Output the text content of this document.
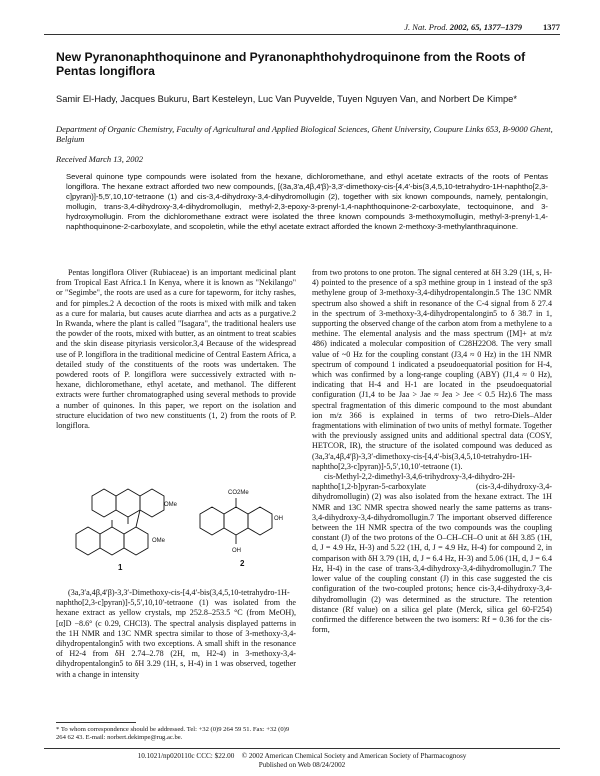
J. Nat. Prod. 2002, 65, 1377–1379 1377
New Pyranonaphthoquinone and Pyranonaphthohydroquinone from the Roots of Pentas longiflora
Samir El-Hady, Jacques Bukuru, Bart Kesteleyn, Luc Van Puyvelde, Tuyen Nguyen Van, and Norbert De Kimpe*
Department of Organic Chemistry, Faculty of Agricultural and Applied Biological Sciences, Ghent University, Coupure Links 653, B-9000 Ghent, Belgium
Received March 13, 2002
Several quinone type compounds were isolated from the hexane, dichloromethane, and ethyl acetate extracts of the roots of Pentas longiflora. The hexane extract afforded two new compounds, [(3a,3′a,4β,4′β)-3,3′-dimethoxy-cis-[4,4′-bis(3,4,5,10-tetrahydro-1H-naphtho[2,3-c]pyran)]-5,5′,10,10′-tetraone (1) and cis-3,4-dihydroxy-3,4-dihydromollugin (2), together with six known compounds, namely, pentalongin, mollugin, trans-3,4-dihydroxy-3,4-dihydromollugin, methyl-2,3-epoxy-3-prenyl-1,4-naphthoquinone-2-carboxylate, tectoquinone, and 3-hydroxymollugin. From the dichloromethane extract were isolated the three known compounds 3-methoxymollugin, methyl-3-prenyl-1,4-naphthoquinone-2-carboxylate, and scopoletin, while the ethyl acetate extract afforded the known 2-methoxy-3-methylanthraquinone.

Pentas longiflora Oliver (Rubiaceae) is an important medicinal plant from Tropical East Africa.1 In Kenya, where it is known as "Nekilango" or "Segimbe", the roots are used as a cure for tapeworm, for itchy rashes, and for pimples.2 A decoction of the roots is mixed with milk and taken as a cure for malaria, but causes acute diarrhea and acts as a purgative.2 In Rwanda, where the plant is called "Isagara", the traditional healers use the powder of the roots, mixed with butter, as an ointment to treat scabies and the skin disease pityriasis versicolor.3,4 Because of the widespread use of P. longiflora in the traditional medicine of Central Eastern Africa, a detailed study of the constituents of the roots was undertaken. The powdered roots of P. longiflora were successively extracted with n-hexane, dichloromethane, ethyl acetate, and methanol. The different extracts were further chromatographed using several methods to provide a number of quinones. In this paper, we report on the isolation and structure elucidation of two new constituents (1, 2) from the roots of P. longiflora.

OMe
OMe
1
CO2Me
OH
OH
2

(3a,3′a,4β,4′β)-3,3′-Dimethoxy-cis-[4,4′-bis(3,4,5,10-tetrahydro-1H-naphtho[2,3-c]pyran)]-5,5′,10,10′-tetraone (1) was isolated from the hexane extract as yellow crystals, mp 252.8–253.5 °C (from MeOH), [α]D −8.6° (c 0.29, CHCl3). The spectral analysis displayed patterns in the 1H NMR and 13C NMR spectra similar to those of 3-methoxy-3,4-dihydropentalongin5 with two exceptions. A small shift in the resonance of H2-4 from δH 2.74–2.78 (2H, m, H2-4) in 3-methoxy-3,4-dihydropentalongin5 to δH 3.29 (1H, s, H-4) in 1 was observed, together with a change in intensity

from two protons to one proton. The signal centered at δH 3.29 (1H, s, H-4) pointed to the presence of a sp3 methine group in 1 instead of the sp3 methylene group of 3-methoxy-3,4-dihydropentalongin.5 The 13C NMR spectrum also showed a shift in resonance of the C-4 signal from δ 27.4 in the spectrum of 3-methoxy-3,4-dihydropentalongin5 to δ 38.7 in 1, supporting the observed change of the carbon atom from a methylene to a methine. The elemental analysis and the mass spectrum ([M]+ at m/z 486) indicated a molecular composition of C28H22O8. The very small value of ~0 Hz for the coupling constant (J3,4 ≈ 0 Hz) in the 1H NMR spectrum of compound 1 indicated a pseudoequatorial position for H-4, which was confirmed by a long-range coupling (ABY) (J1,4 ≈ 0 Hz), indicating that H-4 and H-1 are located in the pseudoequatorial configuration (J1,4 to be Jaa > Jae ≈ Jea > Jee < 0.5 Hz).6 The mass spectral fragmentation of this dimeric compound to the most abundant ion m/z 366 is explained in terms of two retro-Diels–Alder fragmentations with elimination of two units of methyl formate. Together with the previously assigned units and additional spectral data (COSY, HETCOR, IR), the structure of the isolated compound was deduced as (3a,3′a,4β,4′β)-3,3′-dimethoxy-cis-[4,4′-bis(3,4,5,10-tetrahydro-1H-naphtho[2,3-c]pyran)]-5,5′,10,10′-tetraone (1).

cis-Methyl-2,2-dimethyl-3,4,6-trihydroxy-3,4-dihydro-2H-naphtho[1,2-b]pyran-5-carboxylate (cis-3,4-dihydroxy-3,4-dihydromollugin) (2) was also isolated from the hexane extract. The 1H NMR and 13C NMR spectra showed nearly the same patterns as trans-3,4-dihydroxy-3,4-dihydromollugin.7 The important observed difference between the 1H NMR spectra of the two compounds was the coupling constant (J) of the two protons of the O–CH–CH–O unit at δH 3.85 (1H, d, J = 4.9 Hz, H-3) and 5.22 (1H, d, J = 4.9 Hz, H-4) for compound 2, in comparison with δH 3.79 (1H, d, J = 6.4 Hz, H-3) and 5.06 (1H, d, J = 6.4 Hz, H-4) in the case of trans-3,4-dihydroxy-3,4-dihydromollugin.7 The lower value of the coupling constant (J) in this case suggested the cis configuration of the two-coupled protons; hence cis-3,4-dihydroxy-3,4-dihydromollugin (2) was determined as the structure. The retention distance (Rf value) on a silica gel plate (Merck, silica gel 60-F254) confirmed the difference between the two isomers: Rf = 0.36 for the cis-form,

* To whom correspondence should be addressed. Tel: +32 (0)9 264 59 51. Fax: +32 (0)9 264 62 43. E-mail: norbert.dekimpe@rug.ac.be.
10.1021/np020110c CCC: $22.00 © 2002 American Chemical Society and American Society of Pharmacognosy
Published on Web 08/24/2002
